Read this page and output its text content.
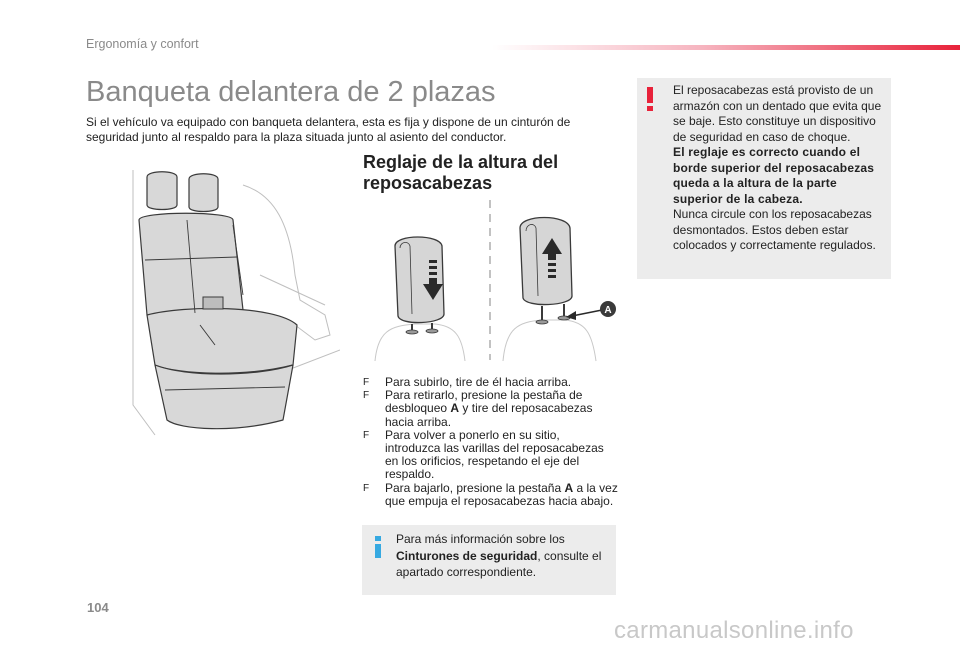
Ergonomía y confort
Banqueta delantera de 2 plazas
Si el vehículo va equipado con banqueta delantera, esta es fija y dispone de un cinturón de seguridad junto al respaldo para la plaza situada junto al asiento del conductor.
A
Reglaje de la altura del reposacabezas
F Para subirlo, tire de él hacia arriba.
F Para retirarlo, presione la pestaña de desbloqueo A y tire del reposacabezas hacia arriba.
F Para volver a ponerlo en su sitio, introduzca las varillas del reposacabezas en los orificios, respetando el eje del respaldo.
F Para bajarlo, presione la pestaña A a la vez que empuja el reposacabezas hacia abajo.
Para más información sobre los Cinturones de seguridad, consulte el apartado correspondiente.
El reposacabezas está provisto de un armazón con un dentado que evita que se baje. Esto constituye un dispositivo de seguridad en caso de choque.
El reglaje es correcto cuando el borde superior del reposacabezas queda a la altura de la parte superior de la cabeza.
Nunca circule con los reposacabezas desmontados. Estos deben estar colocados y correctamente regulados.
104
carmanualsonline.info
